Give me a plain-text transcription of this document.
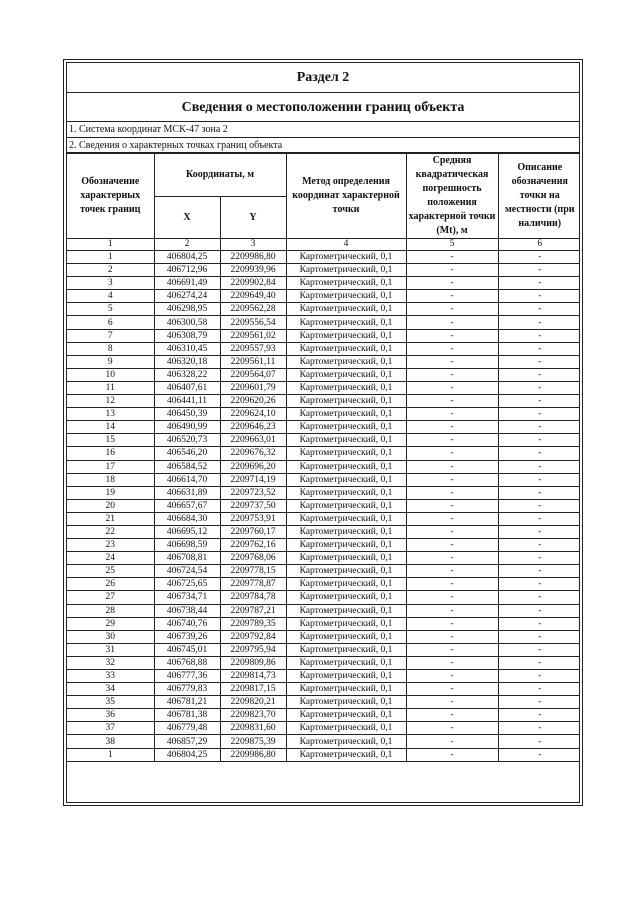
Раздел 2
Сведения о местоположении границ объекта
1. Система координат МСК-47 зона 2
2. Сведения о характерных точках границ объекта
Обозначение характерных точек границ	Координаты, м		Метод определения координат характерной точки	Средняя квадратическая погрешность положения характерной точки (Mt), м	Описание обозначения точки на местности (при наличии)
	X	Y			
1	2	3	4	5	6
1	406804,25	2209986,80	Картометрический, 0,1	-	-
2	406712,96	2209939,96	Картометрический, 0,1	-	-
3	406691,49	2209902,84	Картометрический, 0,1	-	-
4	406274,24	2209649,40	Картометрический, 0,1	-	-
5	406298,95	2209562,28	Картометрический, 0,1	-	-
6	406300,58	2209556,54	Картометрический, 0,1	-	-
7	406308,79	2209561,02	Картометрический, 0,1	-	-
8	406310,45	2209557,93	Картометрический, 0,1	-	-
9	406320,18	2209561,11	Картометрический, 0,1	-	-
10	406328,22	2209564,07	Картометрический, 0,1	-	-
11	406407,61	2209601,79	Картометрический, 0,1	-	-
12	406441,11	2209620,26	Картометрический, 0,1	-	-
13	406450,39	2209624,10	Картометрический, 0,1	-	-
14	406490,99	2209646,23	Картометрический, 0,1	-	-
15	406520,73	2209663,01	Картометрический, 0,1	-	-
16	406546,20	2209676,32	Картометрический, 0,1	-	-
17	406584,52	2209696,20	Картометрический, 0,1	-	-
18	406614,70	2209714,19	Картометрический, 0,1	-	-
19	406631,89	2209723,52	Картометрический, 0,1	-	-
20	406657,67	2209737,50	Картометрический, 0,1	-	-
21	406684,30	2209753,91	Картометрический, 0,1	-	-
22	406695,12	2209760,17	Картометрический, 0,1	-	-
23	406698,59	2209762,16	Картометрический, 0,1	-	-
24	406708,81	2209768,06	Картометрический, 0,1	-	-
25	406724,54	2209778,15	Картометрический, 0,1	-	-
26	406725,65	2209778,87	Картометрический, 0,1	-	-
27	406734,71	2209784,78	Картометрический, 0,1	-	-
28	406738,44	2209787,21	Картометрический, 0,1	-	-
29	406740,76	2209789,35	Картометрический, 0,1	-	-
30	406739,26	2209792,84	Картометрический, 0,1	-	-
31	406745,01	2209795,94	Картометрический, 0,1	-	-
32	406768,88	2209809,86	Картометрический, 0,1	-	-
33	406777,36	2209814,73	Картометрический, 0,1	-	-
34	406779,83	2209817,15	Картометрический, 0,1	-	-
35	406781,21	2209820,21	Картометрический, 0,1	-	-
36	406781,38	2209823,70	Картометрический, 0,1	-	-
37	406779,48	2209831,60	Картометрический, 0,1	-	-
38	406857,29	2209875,39	Картометрический, 0,1	-	-
1	406804,25	2209986,80	Картометрический, 0,1	-	-
